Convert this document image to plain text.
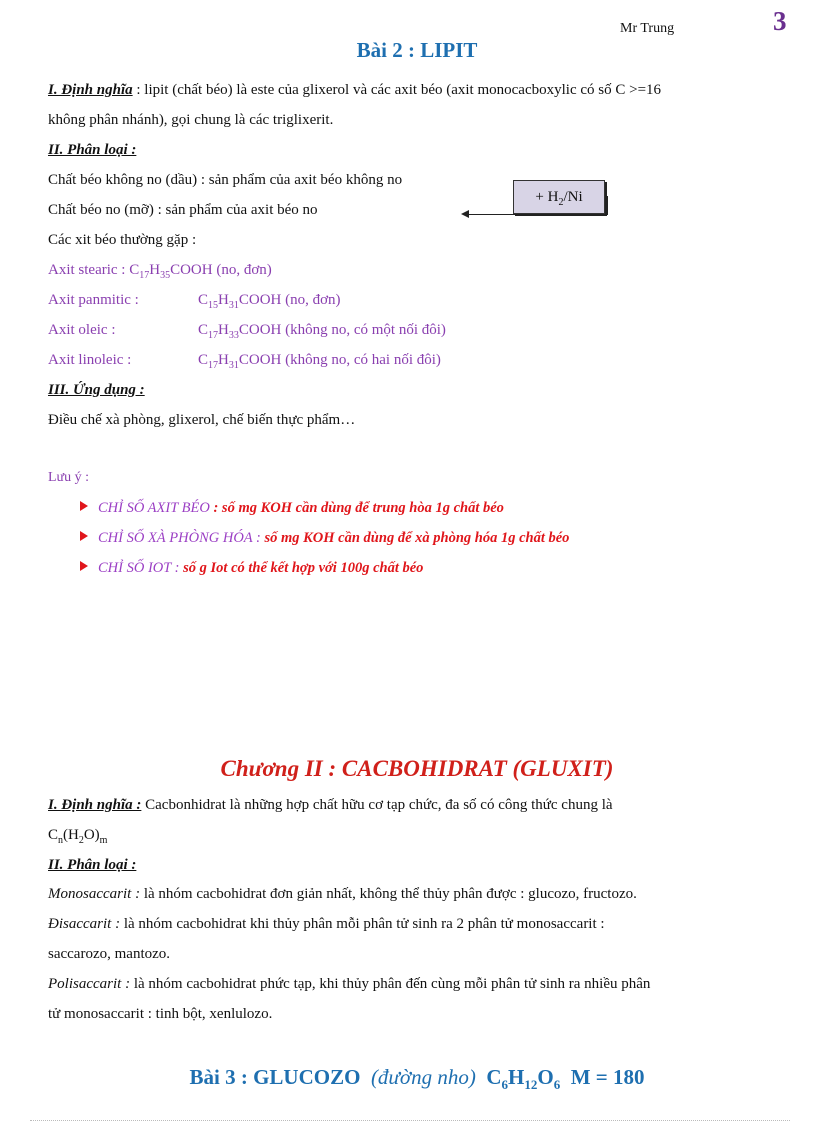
Mr Trung	3
Bài 2 : LIPIT
I. Định nghĩa : lipit (chất béo) là este của glixerol và các axit béo (axit monocacboxylic có số C >=16
không phân nhánh), gọi chung là các triglixerit.
II. Phân loại :
Chất béo không no (dầu) : sản phẩm của axit béo không no
Chất béo no (mỡ) : sản phẩm của axit béo no
+ $H_2/Ni$
Các xit béo thường gặp :
Axit stearic : $C_{17}H_{35}COOH$ (no, đơn)
Axit panmitic :	$C_{15}H_{31}COOH$ (no, đơn)
Axit oleic :	$C_{17}H_{33}COOH$ (không no, có một nối đôi)
Axit linoleic :	$C_{17}H_{31}COOH$ (không no, có hai nối đôi)
III. Ứng dụng :
Điều chế xà phòng, glixerol, chế biến thực phẩm…
Lưu ý :
CHỈ SỐ AXIT BÉO : số mg KOH cần dùng để trung hòa 1g chất béo
CHỈ SỐ XÀ PHÒNG HÓA : số mg KOH cần dùng để xà phòng hóa 1g chất béo
CHỈ SỐ IOT : số g Iot có thể kết hợp với 100g chất béo
Chương II : CACBOHIDRAT (GLUXIT)
I. Định nghĩa : Cacbonhidrat là những hợp chất hữu cơ tạp chức, đa số có công thức chung là
$C_n(H_2O)_m$
II. Phân loại :
Monosaccarit : là nhóm cacbohidrat đơn giản nhất, không thể thủy phân được : glucozo, fructozo.
Đisaccarit : là nhóm cacbohidrat khi thủy phân mỗi phân tử sinh ra 2 phân tử monosaccarit :
saccarozo, mantozo.
Polisaccarit : là nhóm cacbohidrat phức tạp, khi thủy phân đến cùng mỗi phân tử sinh ra nhiều phân
tử monosaccarit : tinh bột, xenlulozo.
Bài 3 : GLUCOZO (đường nho) $C_6H_{12}O_6$ M = 180
